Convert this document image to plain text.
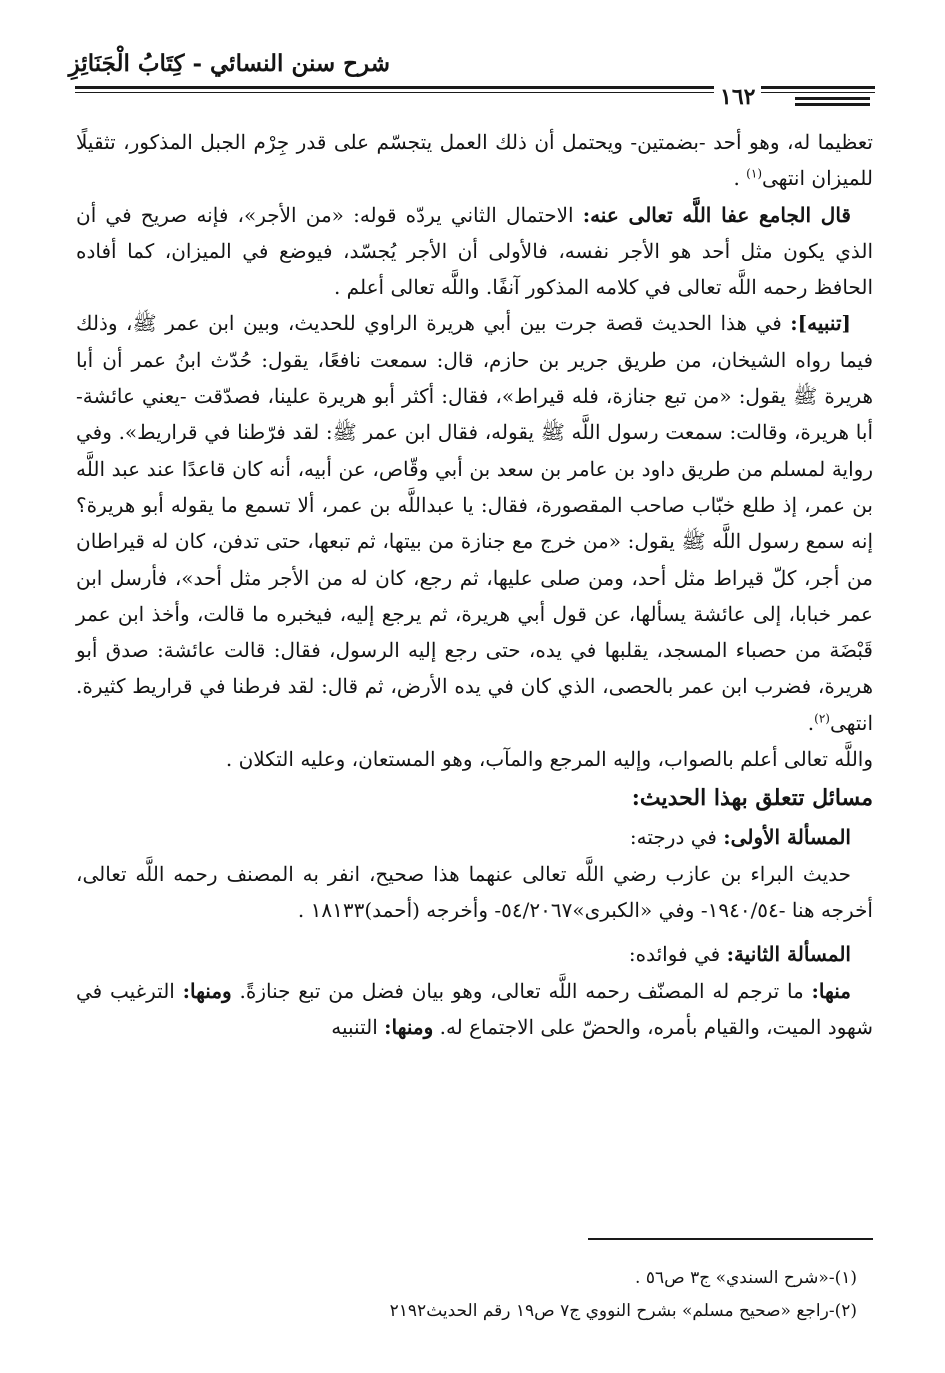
شرح سنن النسائي - كِتَابُ الْجَنَائِزِ
١٦٢

تعظيما له، وهو أحد -بضمتين- ويحتمل أن ذلك العمل يتجسّم على قدر جِرْم الجبل المذكور، تثقيلًا للميزان انتهى$^{(١)}$ .

قال الجامع عفا اللَّه تعالى عنه: الاحتمال الثاني يردّه قوله: «من الأجر»، فإنه صريح في أن الذي يكون مثل أحد هو الأجر نفسه، فالأولى أن الأجر يُجسّد، فيوضع في الميزان، كما أفاده الحافظ رحمه اللَّه تعالى في كلامه المذكور آنفًا. واللَّه تعالى أعلم .

[تنبيه]: في هذا الحديث قصة جرت بين أبي هريرة الراوي للحديث، وبين ابن عمر ﷺ، وذلك فيما رواه الشيخان، من طريق جرير بن حازم، قال: سمعت نافعًا، يقول: حُدّث ابنُ عمر أن أبا هريرة ﷺ يقول: «من تبع جنازة، فله قيراط»، فقال: أكثر أبو هريرة علينا، فصدّقت -يعني عائشة- أبا هريرة، وقالت: سمعت رسول اللَّه ﷺ يقوله، فقال ابن عمر ﷺ: لقد فرّطنا في قراريط». وفي رواية لمسلم من طريق داود بن عامر بن سعد بن أبي وقّاص، عن أبيه، أنه كان قاعدًا عند عبد اللَّه بن عمر، إذ طلع خبّاب صاحب المقصورة، فقال: يا عبداللَّه بن عمر، ألا تسمع ما يقوله أبو هريرة؟ إنه سمع رسول اللَّه ﷺ يقول: «من خرج مع جنازة من بيتها، ثم تبعها، حتى تدفن، كان له قيراطان من أجر، كلّ قيراط مثل أحد، ومن صلى عليها، ثم رجع، كان له من الأجر مثل أحد»، فأرسل ابن عمر خبابا، إلى عائشة يسألها، عن قول أبي هريرة، ثم يرجع إليه، فيخبره ما قالت، وأخذ ابن عمر قَبْضَة من حصباء المسجد، يقلبها في يده، حتى رجع إليه الرسول، فقال: قالت عائشة: صدق أبو هريرة، فضرب ابن عمر بالحصى، الذي كان في يده الأرض، ثم قال: لقد فرطنا في قراريط كثيرة. انتهى$^{(٢)}$.

واللَّه تعالى أعلم بالصواب، وإليه المرجع والمآب، وهو المستعان، وعليه التكلان .

مسائل تتعلق بهذا الحديث:

المسألة الأولى: في درجته:

حديث البراء بن عازب رضي اللَّه تعالى عنهما هذا صحيح، انفر به المصنف رحمه اللَّه تعالى، أخرجه هنا -١٩٤٠/٥٤- وفي «الكبرى»٥٤/٢٠٦٧- وأخرجه (أحمد)١٨١٣٣ .

المسألة الثانية: في فوائده:

منها: ما ترجم له المصنّف رحمه اللَّه تعالى، وهو بيان فضل من تبع جنازةً. ومنها: الترغيب في شهود الميت، والقيام بأمره، والحضّ على الاجتماع له. ومنها: التنبيه

(١)-«شرح السندي» ج٣ ص٥٦ .

(٢)-راجع «صحيح مسلم» بشرح النووي ج٧ ص١٩ رقم الحديث٢١٩٢
